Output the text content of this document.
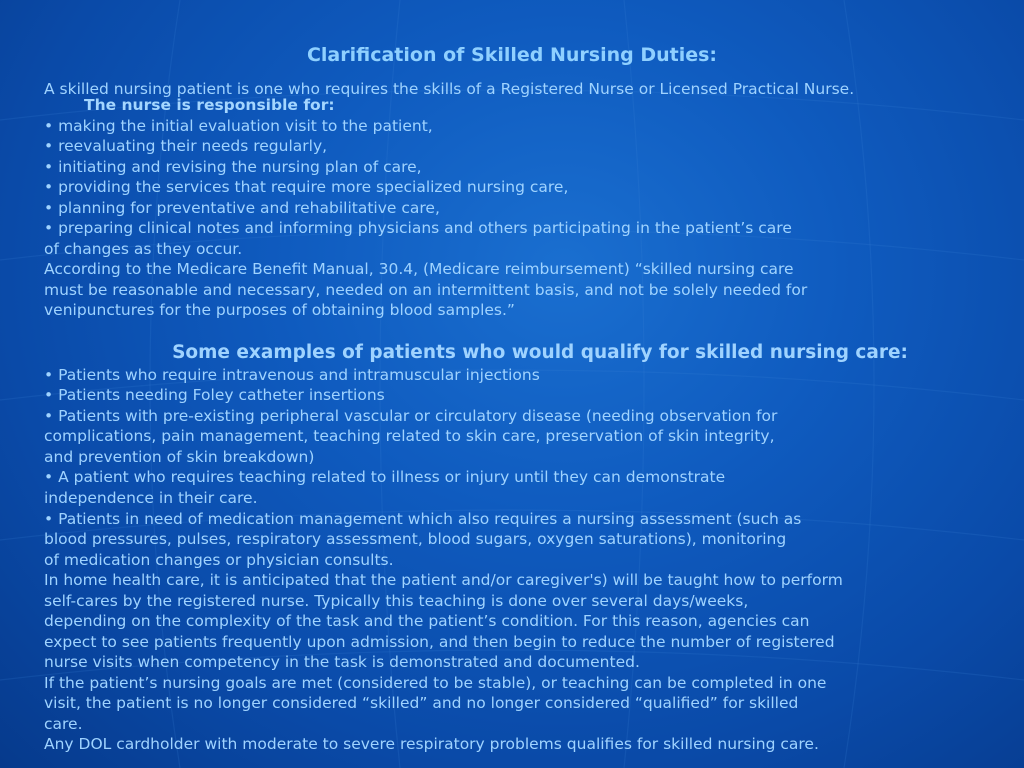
Clarification of Skilled Nursing Duties:
A skilled nursing patient is one who requires the skills of a Registered Nurse or Licensed Practical Nurse.
The nurse is responsible for:
• making the initial evaluation visit to the patient,
• reevaluating their needs regularly,
• initiating and revising the nursing plan of care,
• providing the services that require more specialized nursing care,
• planning for preventative and rehabilitative care,
• preparing clinical notes and informing physicians and others participating in the patient’s care
of changes as they occur.
According to the Medicare Benefit Manual, 30.4, (Medicare reimbursement) “skilled nursing care
must be reasonable and necessary, needed on an intermittent basis, and not be solely needed for
venipunctures for the purposes of obtaining blood samples.”
Some examples of patients who would qualify for skilled nursing care:
• Patients who require intravenous and intramuscular injections
• Patients needing Foley catheter insertions
• Patients with pre-existing peripheral vascular or circulatory disease (needing observation for
complications, pain management, teaching related to skin care, preservation of skin integrity,
and prevention of skin breakdown)
• A patient who requires teaching related to illness or injury until they can demonstrate
independence in their care.
• Patients in need of medication management which also requires a nursing assessment (such as
blood pressures, pulses, respiratory assessment, blood sugars, oxygen saturations), monitoring
of medication changes or physician consults.
In home health care, it is anticipated that the patient and/or caregiver's) will be taught how to perform
self-cares by the registered nurse. Typically this teaching is done over several days/weeks,
depending on the complexity of the task and the patient’s condition. For this reason, agencies can
expect to see patients frequently upon admission, and then begin to reduce the number of registered
nurse visits when competency in the task is demonstrated and documented.
If the patient’s nursing goals are met (considered to be stable), or teaching can be completed in one
visit, the patient is no longer considered “skilled” and no longer considered “qualified” for skilled
care.
Any DOL cardholder with moderate to severe respiratory problems qualifies for skilled nursing care.
